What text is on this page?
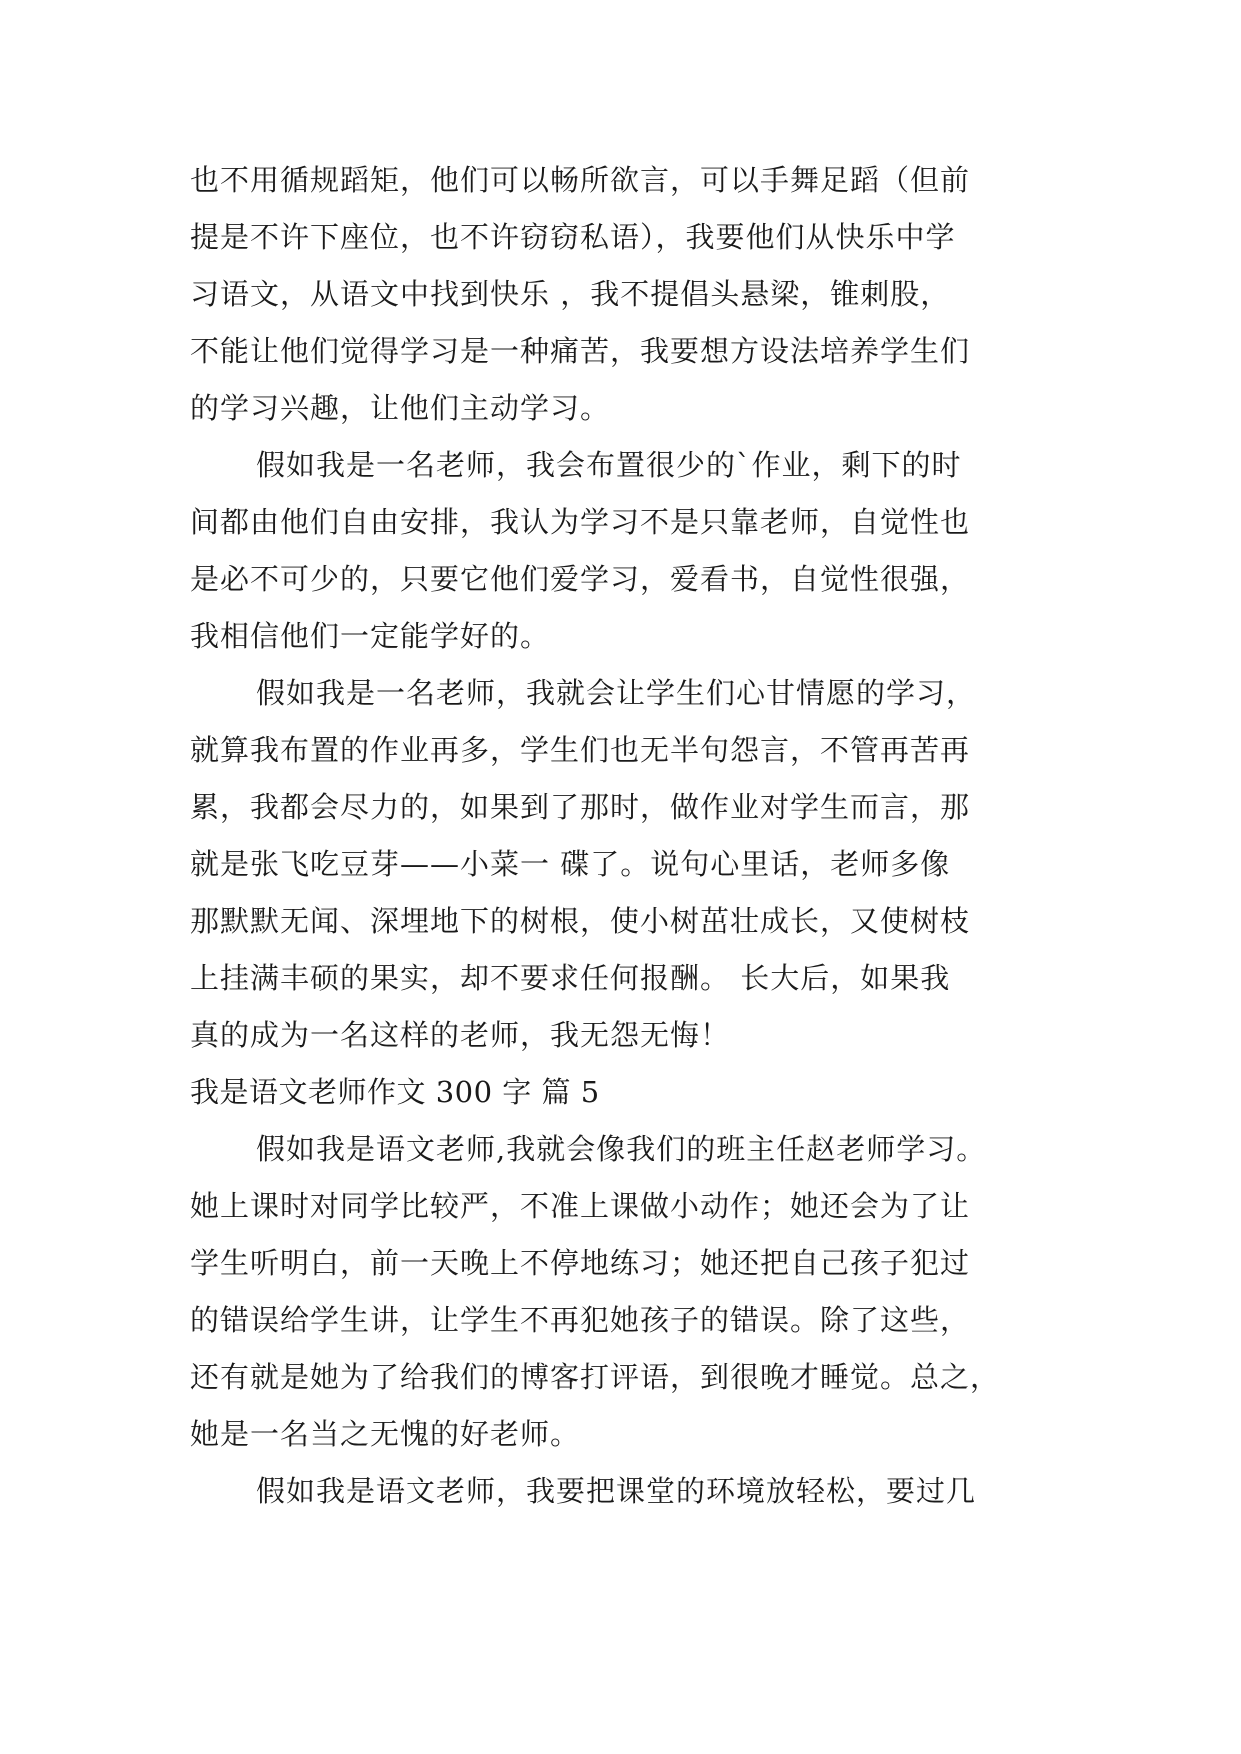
也不用循规蹈矩，他们可以畅所欲言，可以手舞足蹈（但前
提是不许下座位，也不许窃窃私语），我要他们从快乐中学
习语文，从语文中找到快乐 ，我不提倡头悬梁，锥刺股，
不能让他们觉得学习是一种痛苦，我要想方设法培养学生们
的学习兴趣，让他们主动学习。
假如我是一名老师，我会布置很少的`作业，剩下的时
间都由他们自由安排，我认为学习不是只靠老师，自觉性也
是必不可少的，只要它他们爱学习，爱看书，自觉性很强，
我相信他们一定能学好的。
假如我是一名老师，我就会让学生们心甘情愿的学习，
就算我布置的作业再多，学生们也无半句怨言，不管再苦再
累，我都会尽力的，如果到了那时，做作业对学生而言，那
就是张飞吃豆芽——小菜一 碟了。说句心里话，老师多像
那默默无闻、深埋地下的树根，使小树茁壮成长，又使树枝
上挂满丰硕的果实，却不要求任何报酬。 长大后，如果我
真的成为一名这样的老师，我无怨无悔！
我是语文老师作文 300 字 篇 5
假如我是语文老师,我就会像我们的班主任赵老师学习。
她上课时对同学比较严，不准上课做小动作；她还会为了让
学生听明白，前一天晚上不停地练习；她还把自己孩子犯过
的错误给学生讲，让学生不再犯她孩子的错误。除了这些，
还有就是她为了给我们的博客打评语，到很晚才睡觉。总之，
她是一名当之无愧的好老师。
假如我是语文老师，我要把课堂的环境放轻松，要过几
